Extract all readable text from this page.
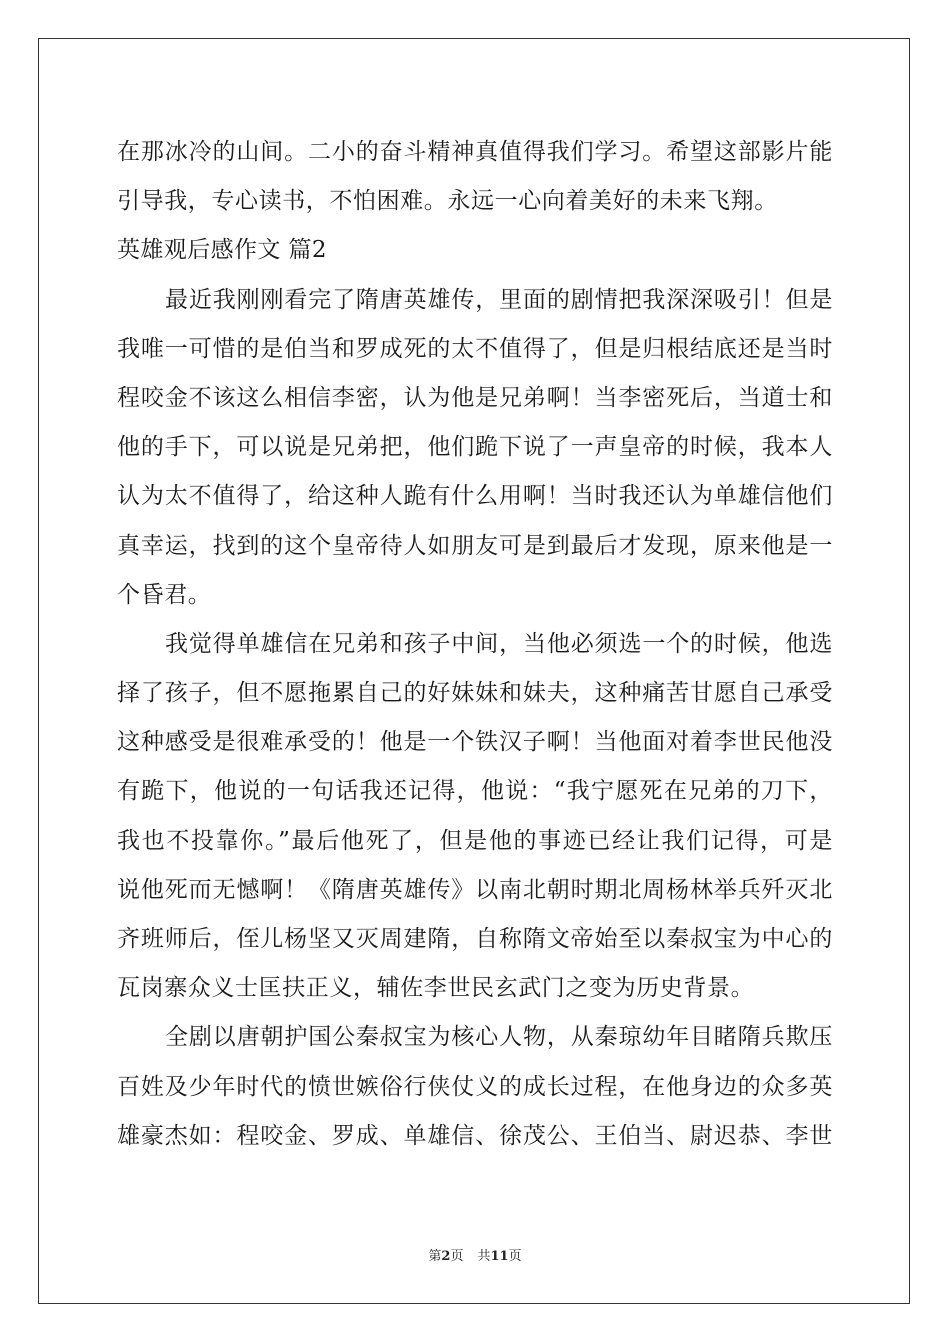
在那冰冷的山间。二小的奋斗精神真值得我们学习。希望这部影片能
引导我，专心读书，不怕困难。永远一心向着美好的未来飞翔。
英雄观后感作文 篇2
最近我刚刚看完了隋唐英雄传，里面的剧情把我深深吸引！但是
我唯一可惜的是伯当和罗成死的太不值得了，但是归根结底还是当时
程咬金不该这么相信李密，认为他是兄弟啊！当李密死后，当道士和
他的手下，可以说是兄弟把，他们跪下说了一声皇帝的时候，我本人
认为太不值得了，给这种人跪有什么用啊！当时我还认为单雄信他们
真幸运，找到的这个皇帝待人如朋友可是到最后才发现，原来他是一
个昏君。
我觉得单雄信在兄弟和孩子中间，当他必须选一个的时候，他选
择了孩子，但不愿拖累自己的好妹妹和妹夫，这种痛苦甘愿自己承受
这种感受是很难承受的！他是一个铁汉子啊！当他面对着李世民他没
有跪下，他说的一句话我还记得，他说：“我宁愿死在兄弟的刀下，
我也不投靠你。”最后他死了，但是他的事迹已经让我们记得，可是
说他死而无憾啊！《隋唐英雄传》以南北朝时期北周杨林举兵歼灭北
齐班师后，侄儿杨坚又灭周建隋，自称隋文帝始至以秦叔宝为中心的
瓦岗寨众义士匡扶正义，辅佐李世民玄武门之变为历史背景。
全剧以唐朝护国公秦叔宝为核心人物，从秦琼幼年目睹隋兵欺压
百姓及少年时代的愤世嫉俗行侠仗义的成长过程，在他身边的众多英
雄豪杰如：程咬金、罗成、单雄信、徐茂公、王伯当、尉迟恭、李世
第2页 共11页
